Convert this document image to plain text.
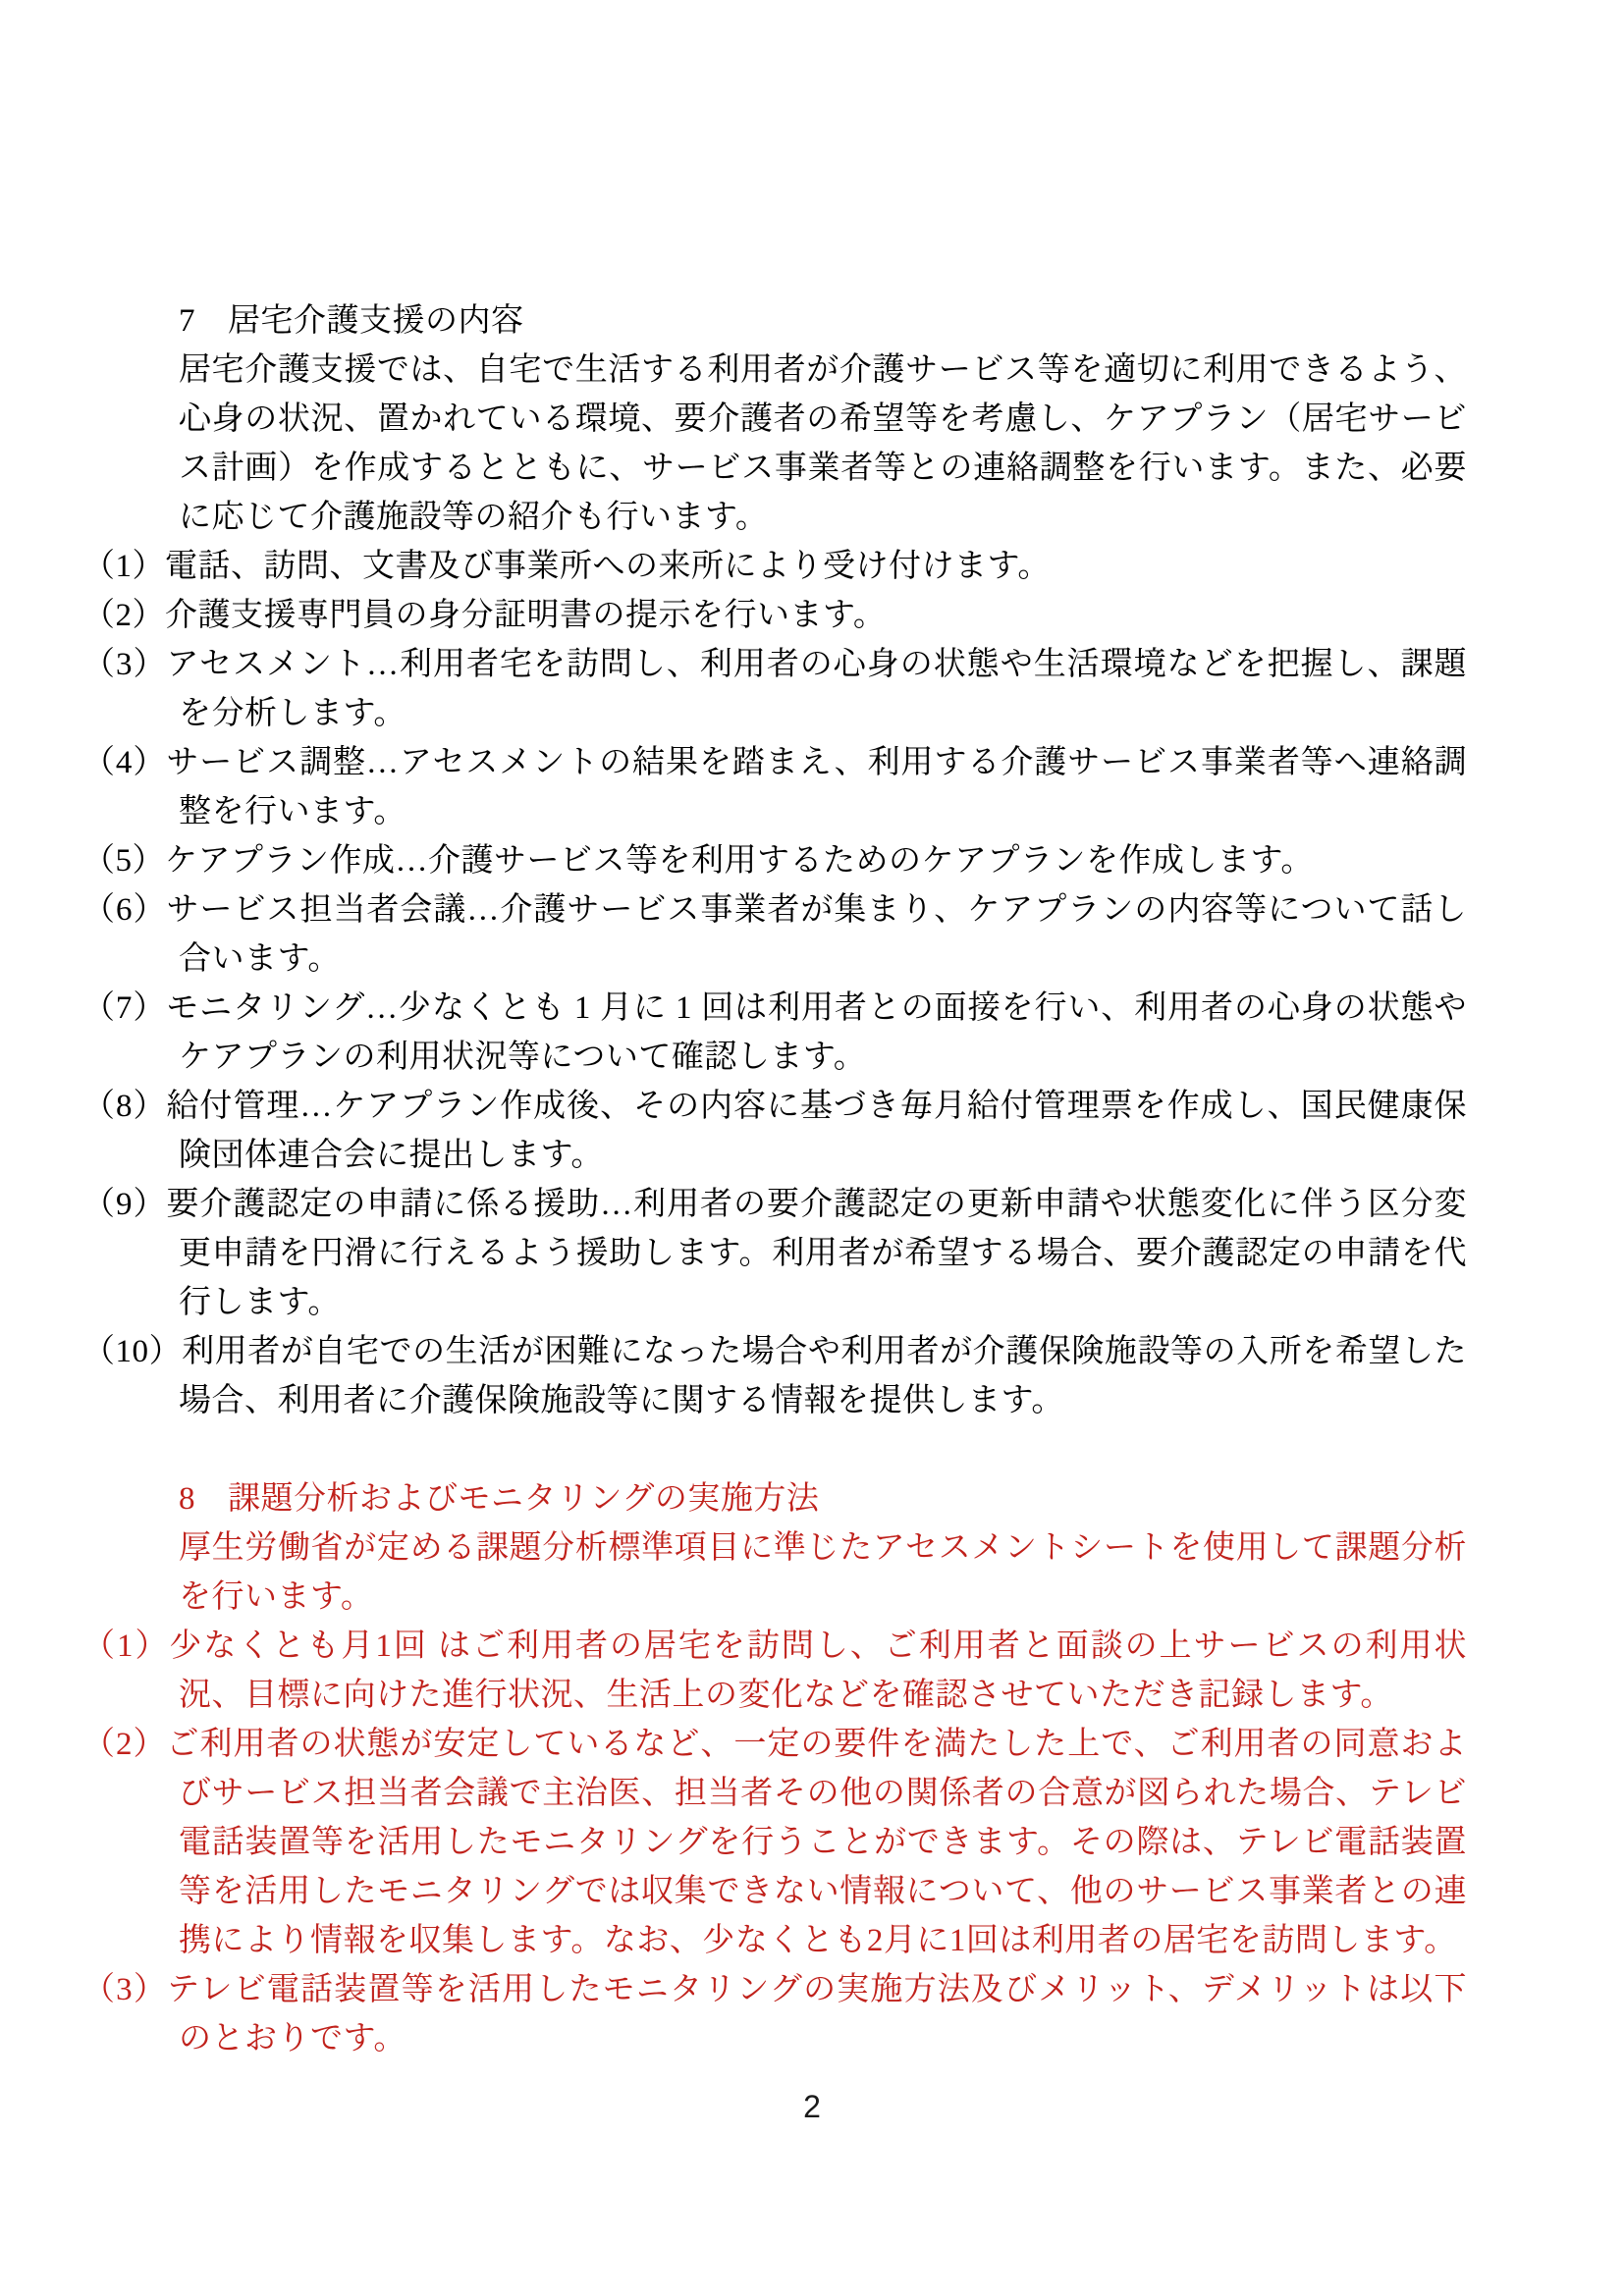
7 居宅介護支援の内容

居宅介護支援では、自宅で生活する利用者が介護サービス等を適切に利用できるよう、心身の状況、置かれている環境、要介護者の希望等を考慮し、ケアプラン（居宅サービス計画）を作成するとともに、サービス事業者等との連絡調整を行います。また、必要に応じて介護施設等の紹介も行います。

（1）電話、訪問、文書及び事業所への来所により受け付けます。

（2）介護支援専門員の身分証明書の提示を行います。

（3）アセスメント…利用者宅を訪問し、利用者の心身の状態や生活環境などを把握し、課題を分析します。

（4）サービス調整…アセスメントの結果を踏まえ、利用する介護サービス事業者等へ連絡調整を行います。

（5）ケアプラン作成…介護サービス等を利用するためのケアプランを作成します。

（6）サービス担当者会議…介護サービス事業者が集まり、ケアプランの内容等について話し合います。

（7）モニタリング…少なくとも 1 月に 1 回は利用者との面接を行い、利用者の心身の状態やケアプランの利用状況等について確認します。

（8）給付管理…ケアプラン作成後、その内容に基づき毎月給付管理票を作成し、国民健康保険団体連合会に提出します。

（9）要介護認定の申請に係る援助…利用者の要介護認定の更新申請や状態変化に伴う区分変更申請を円滑に行えるよう援助します。利用者が希望する場合、要介護認定の申請を代行します。

（10）利用者が自宅での生活が困難になった場合や利用者が介護保険施設等の入所を希望した場合、利用者に介護保険施設等に関する情報を提供します。

8 課題分析およびモニタリングの実施方法

厚生労働省が定める課題分析標準項目に準じたアセスメントシートを使用して課題分析を行います。

（1）少なくとも月1回 はご利用者の居宅を訪問し、ご利用者と面談の上サービスの利用状況、目標に向けた進行状況、生活上の変化などを確認させていただき記録します。

（2）ご利用者の状態が安定しているなど、一定の要件を満たした上で、ご利用者の同意およびサービス担当者会議で主治医、担当者その他の関係者の合意が図られた場合、テレビ電話装置等を活用したモニタリングを行うことができます。その際は、テレビ電話装置等を活用したモニタリングでは収集できない情報について、他のサービス事業者との連携により情報を収集します。なお、少なくとも2月に1回は利用者の居宅を訪問します。

（3）テレビ電話装置等を活用したモニタリングの実施方法及びメリット、デメリットは以下のとおりです。

2
